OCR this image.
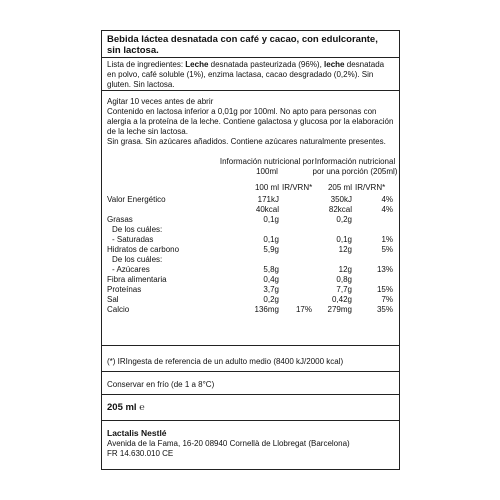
Bebida láctea desnatada con café y cacao, con edulcorante, sin lactosa.

Lista de ingredientes: Leche desnatada pasteurizada (96%), leche desnatada en polvo, café soluble (1%), enzima lactasa, cacao desgradado (0,2%). Sin gluten. Sin lactosa.

Agitar 10 veces antes de abrir

Contenido en lactosa inferior a 0,01g por 100ml. No apto para personas con alergia a la proteína de la leche. Contiene galactosa y glucosa por la elaboración de la leche sin lactosa.

Sin grasa. Sin azúcares añadidos. Contiene azúcares naturalmente presentes.

Información nutricional por 100ml
Información nutricional por una porción (205ml)
100 ml IR/VRN*	205 ml IR/VRN*
Valor Energético	171kJ	350kJ	4%
40kcal	82kcal	4%
Grasas	0,1g	0,2g
De los cuáles:
- Saturadas	0,1g	0,1g	1%
Hidratos de carbono	5,9g	12g	5%
De los cuáles:
- Azúcares	5,8g	12g	13%
Fibra alimentaria	0,4g	0,8g
Proteínas	3,7g	7,7g	15%
Sal	0,2g	0,42g	7%
Calcio	136mg	17%	279mg	35%
(*) IRIngesta de referencia de un adulto medio (8400 kJ/2000 kcal)
Conservar en frío (de 1 a 8°C)
205 ml ℮
Lactalis Nestlé
Avenida de la Fama, 16-20 08940 Cornellà de Llobregat (Barcelona)
FR 14.630.010 CE
